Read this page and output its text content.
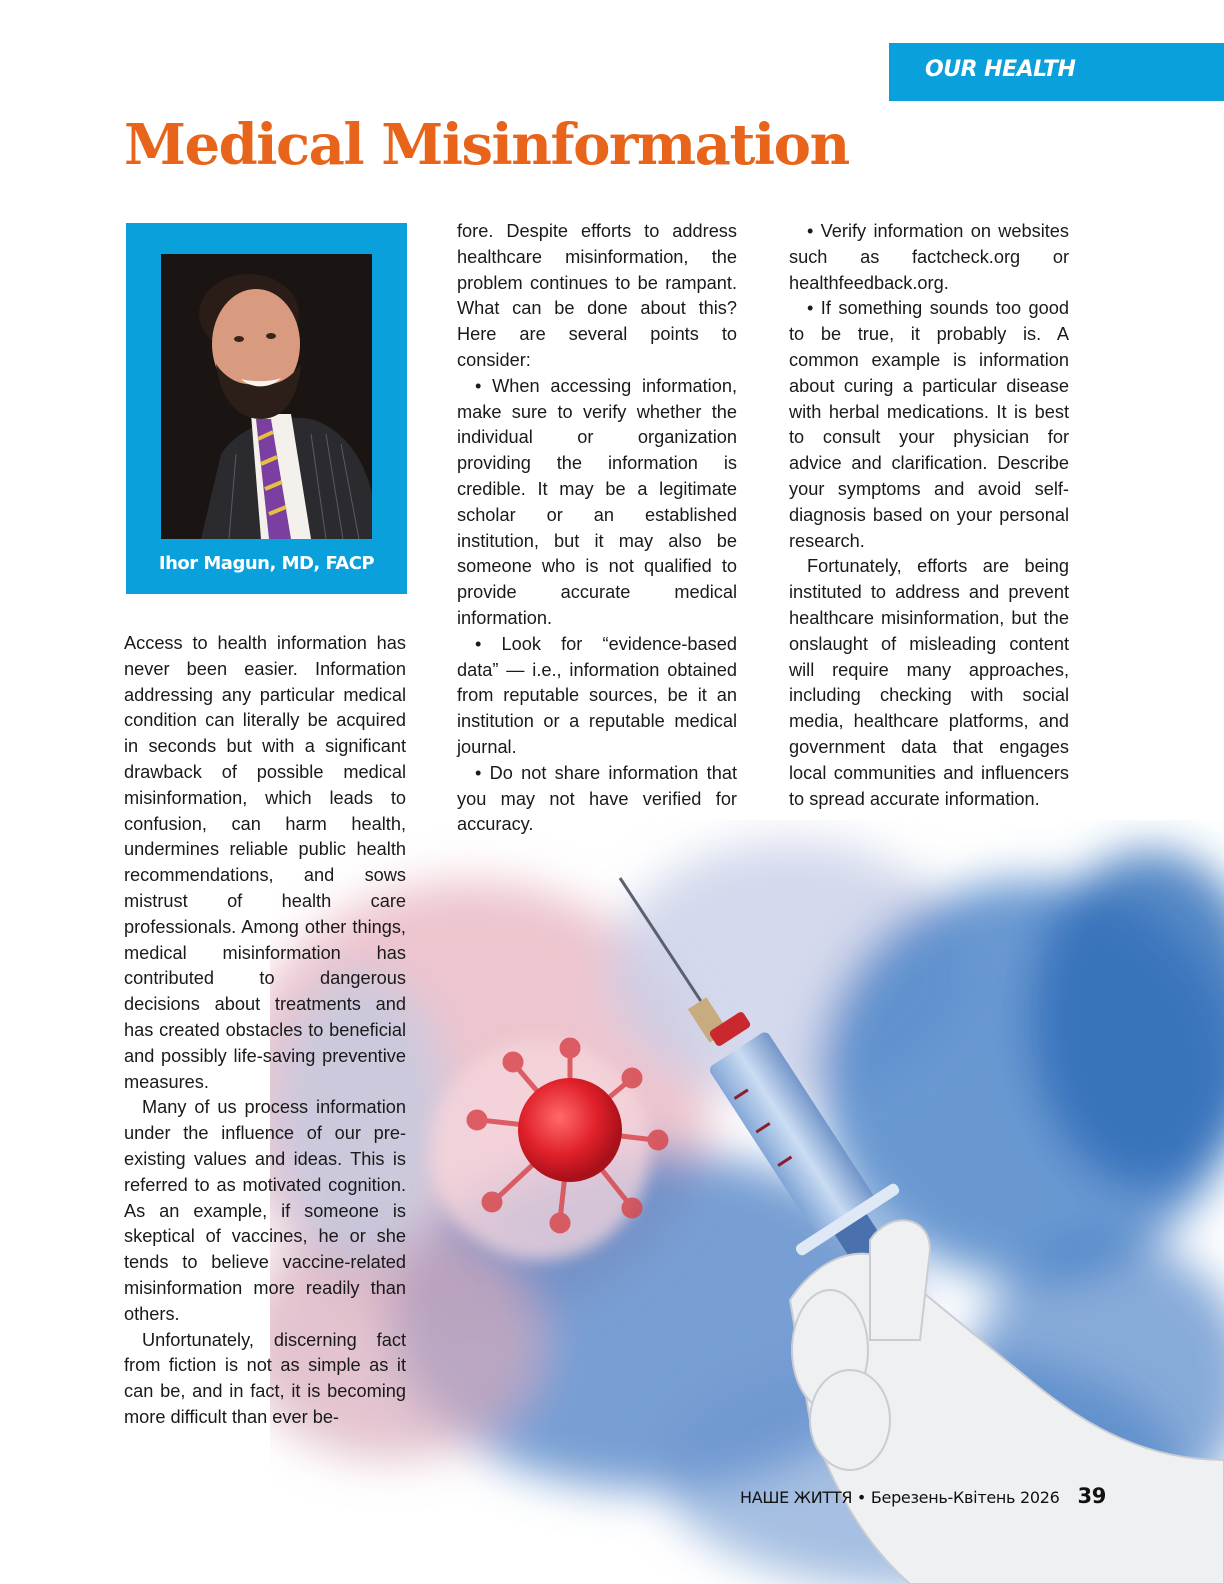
OUR HEALTH
Medical Misinformation
Ihor Magun, MD, FACP

Access to health information has never been easier. Information addressing any particular medical condition can literally be acquired in seconds but with a significant drawback of possible medical misinformation, which leads to confusion, can harm health, undermines reliable public health recommendations, and sows mistrust of health care professionals. Among other things, medical misinformation has contributed to dangerous decisions about treatments and has created obstacles to beneficial and possibly life-saving preventive measures.

Many of us process information under the influence of our pre-existing values and ideas. This is referred to as motivated cognition. As an example, if someone is skeptical of vaccines, he or she tends to believe vaccine-related misinformation more readily than others.

Unfortunately, discerning fact from fiction is not as simple as it can be, and in fact, it is becoming more difficult than ever be-

fore. Despite efforts to address healthcare misinformation, the problem continues to be rampant. What can be done about this? Here are several points to consider:

• When accessing information, make sure to verify whether the individual or organization providing the information is credible. It may be a legitimate scholar or an established institution, but it may also be someone who is not qualified to provide accurate medical information.

• Look for “evidence-based data” — i.e., information obtained from reputable sources, be it an institution or a reputable medical journal.

• Do not share information that you may not have verified for accuracy.

• Verify information on websites such as factcheck.org or healthfeedback.org.

• If something sounds too good to be true, it probably is. A common example is information about curing a particular disease with herbal medications. It is best to consult your physician for advice and clarification. Describe your symptoms and avoid self-diagnosis based on your personal research.

Fortunately, efforts are being instituted to address and prevent healthcare misinformation, but the onslaught of misleading content will require many approaches, including checking with social media, healthcare platforms, and government data that engages local communities and influencers to spread accurate information.

НАШЕ ЖИТТЯ • Березень-Квітень 2026 39
